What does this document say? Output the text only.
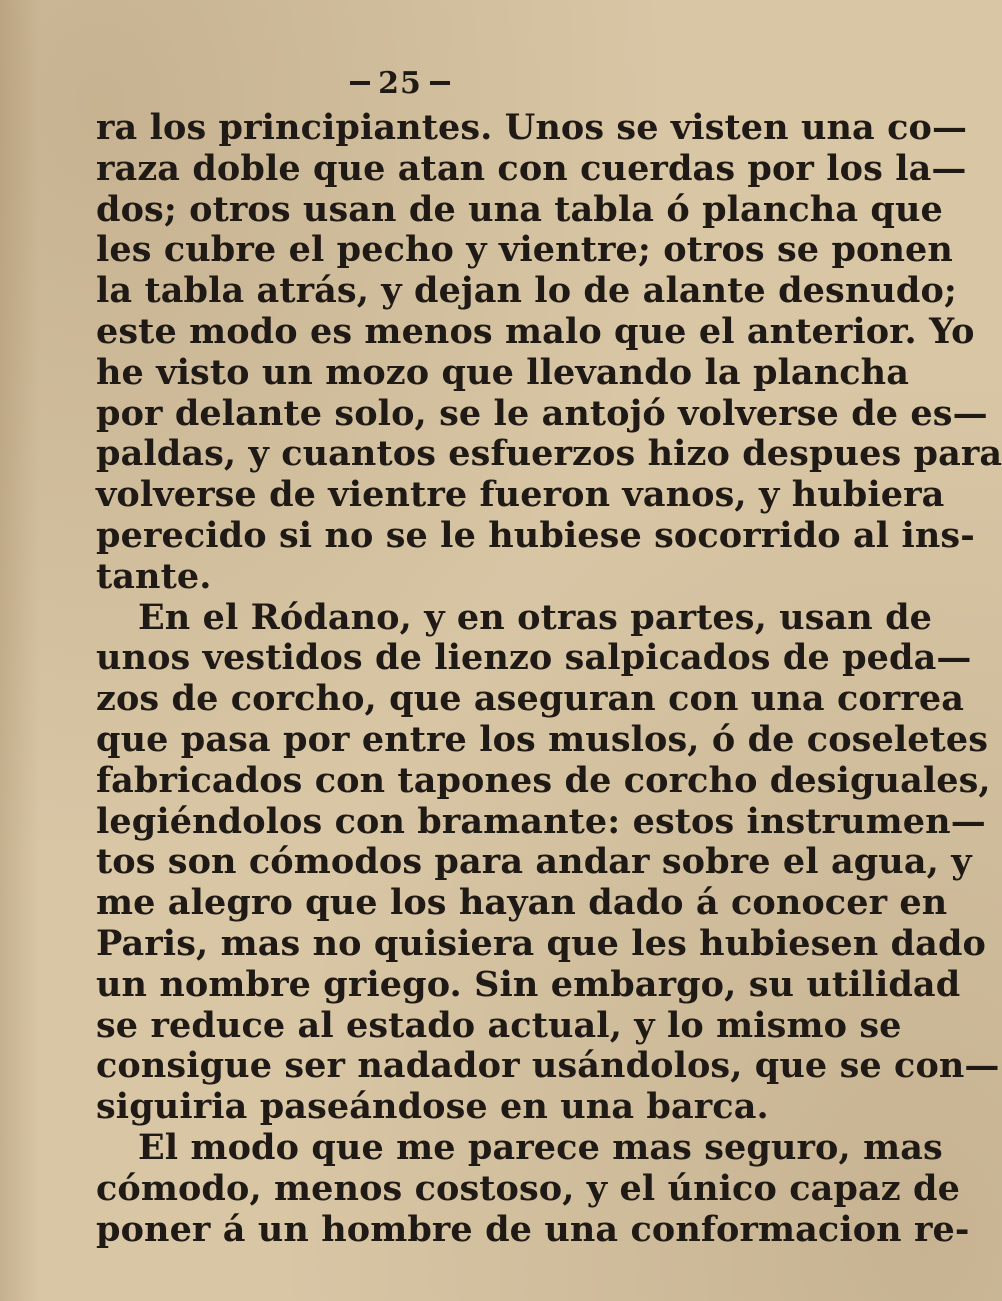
25
ra los principiantes. Unos se visten una co—
raza doble que atan con cuerdas por los la—
dos; otros usan de una tabla ó plancha que
les cubre el pecho y vientre; otros se ponen
la tabla atrás, y dejan lo de alante desnudo;
este modo es menos malo que el anterior. Yo
he visto un mozo que llevando la plancha
por delante solo, se le antojó volverse de es—
paldas, y cuantos esfuerzos hizo despues para
volverse de vientre fueron vanos, y hubiera
perecido si no se le hubiese socorrido al ins-
tante.
En el Ródano, y en otras partes, usan de
unos vestidos de lienzo salpicados de peda—
zos de corcho, que aseguran con una correa
que pasa por entre los muslos, ó de coseletes
fabricados con tapones de corcho desiguales,
legiéndolos con bramante: estos instrumen—
tos son cómodos para andar sobre el agua, y
me alegro que los hayan dado á conocer en
Paris, mas no quisiera que les hubiesen dado
un nombre griego. Sin embargo, su utilidad
se reduce al estado actual, y lo mismo se
consigue ser nadador usándolos, que se con—
siguiria paseándose en una barca.
El modo que me parece mas seguro, mas
cómodo, menos costoso, y el único capaz de
poner á un hombre de una conformacion re-
